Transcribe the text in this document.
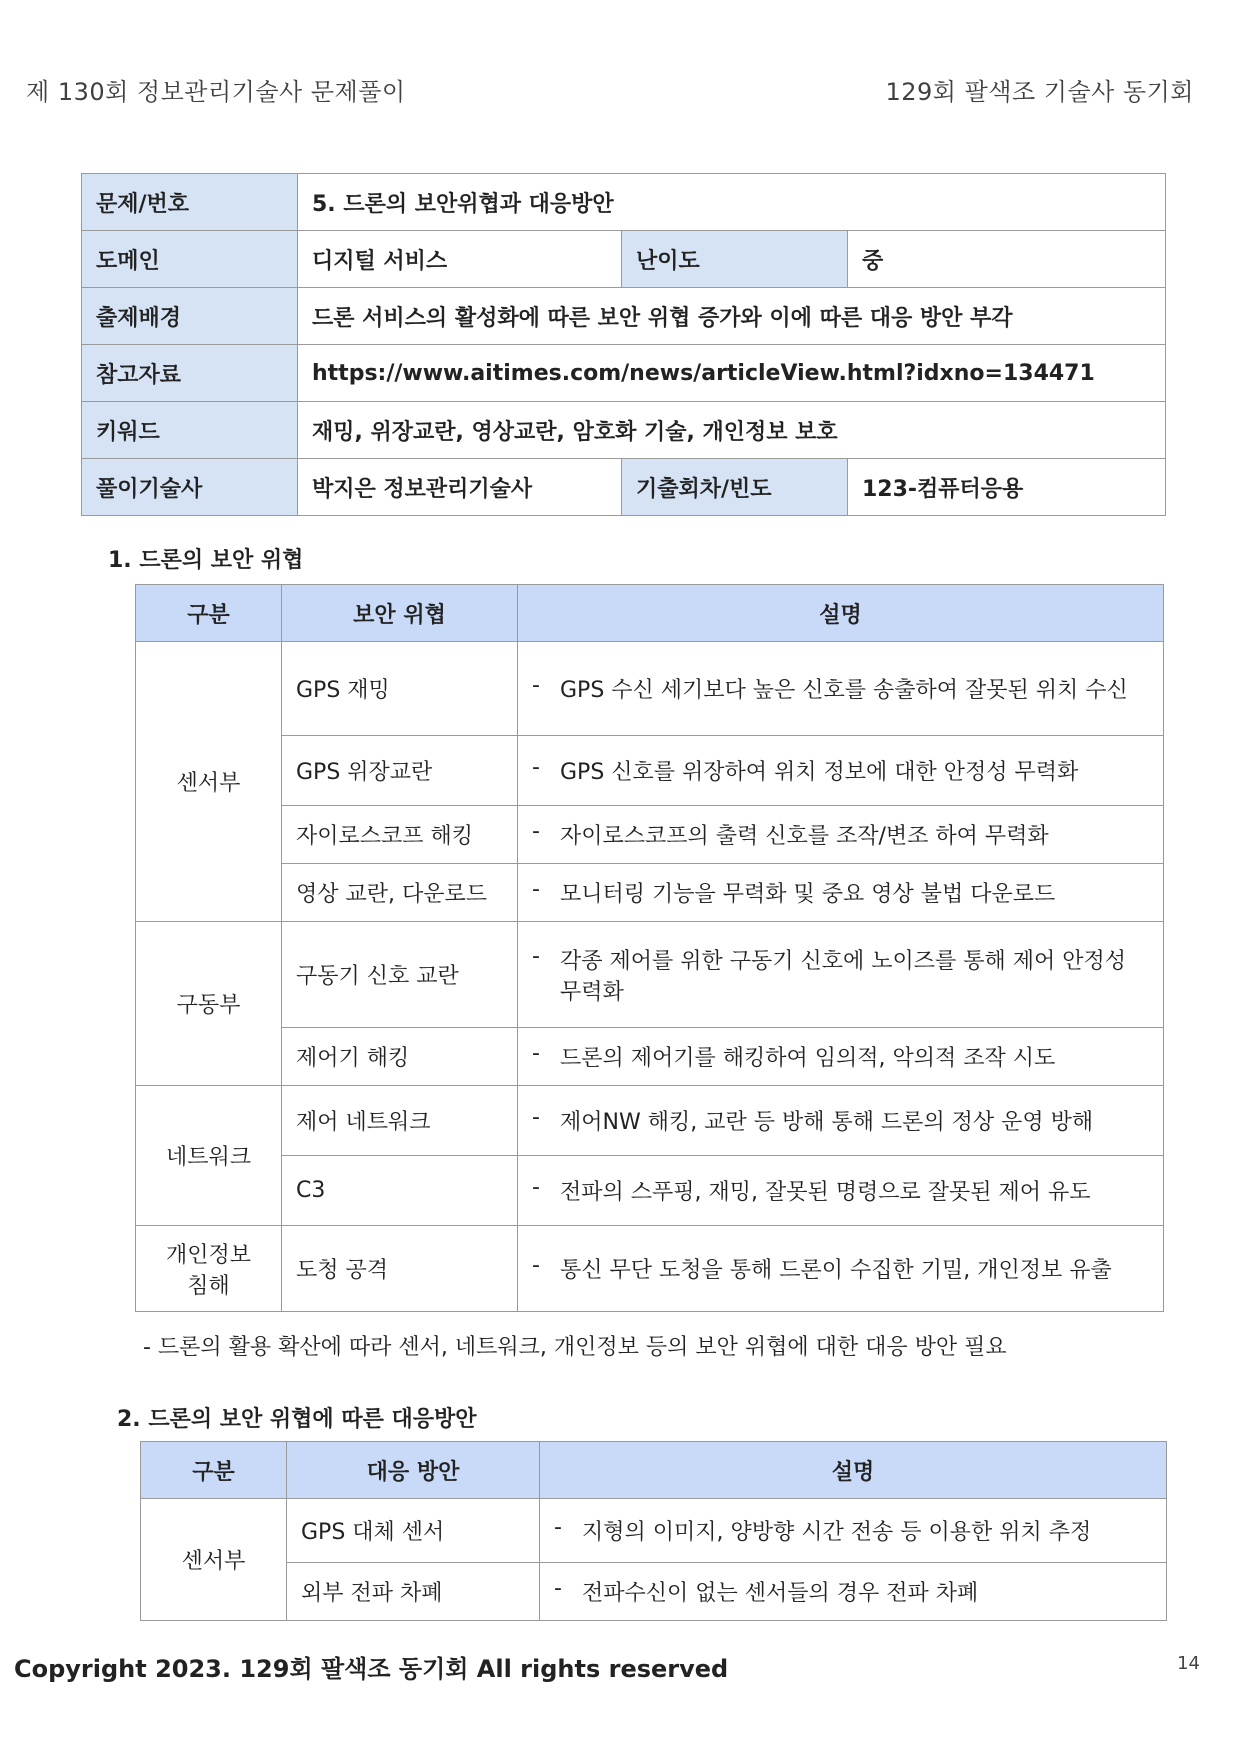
제 130회 정보관리기술사 문제풀이	129회 팔색조 기술사 동기회
문제/번호	5. 드론의 보안위협과 대응방안		
도메인	디지털 서비스	난이도	중
출제배경	드론 서비스의 활성화에 따른 보안 위협 증가와 이에 따른 대응 방안 부각		
참고자료	https://www.aitimes.com/news/articleView.html?idxno=134471		
키워드	재밍, 위장교란, 영상교란, 암호화 기술, 개인정보 보호		
풀이기술사	박지은 정보관리기술사	기출회차/빈도	123-컴퓨터응용
1. 드론의 보안 위협
구분	보안 위협	설명
센서부	GPS 재밍	- GPS 수신 세기보다 높은 신호를 송출하여 잘못된 위치 수신

	GPS 위장교란	- GPS 신호를 위장하여 위치 정보에 대한 안정성 무력화

	자이로스코프 해킹	- 자이로스코프의 출력 신호를 조작/변조 하여 무력화

	영상 교란, 다운로드	- 모니터링 기능을 무력화 및 중요 영상 불법 다운로드

구동부	구동기 신호 교란	- 각종 제어를 위한 구동기 신호에 노이즈를 통해 제어 안정성 무력화

	제어기 해킹	- 드론의 제어기를 해킹하여 임의적, 악의적 조작 시도

네트워크	제어 네트워크	- 제어NW 해킹, 교란 등 방해 통해 드론의 정상 운영 방해

	C3	- 전파의 스푸핑, 재밍, 잘못된 명령으로 잘못된 제어 유도

개인정보
침해	도청 공격	- 통신 무단 도청을 통해 드론이 수집한 기밀, 개인정보 유출
- 드론의 활용 확산에 따라 센서, 네트워크, 개인정보 등의 보안 위협에 대한 대응 방안 필요
2. 드론의 보안 위협에 따른 대응방안
구분	대응 방안	설명
센서부	GPS 대체 센서	- 지형의 이미지, 양방향 시간 전송 등 이용한 위치 추정

	외부 전파 차폐	- 전파수신이 없는 센서들의 경우 전파 차폐
Copyright 2023. 129회 팔색조 동기회 All rights reserved	14
